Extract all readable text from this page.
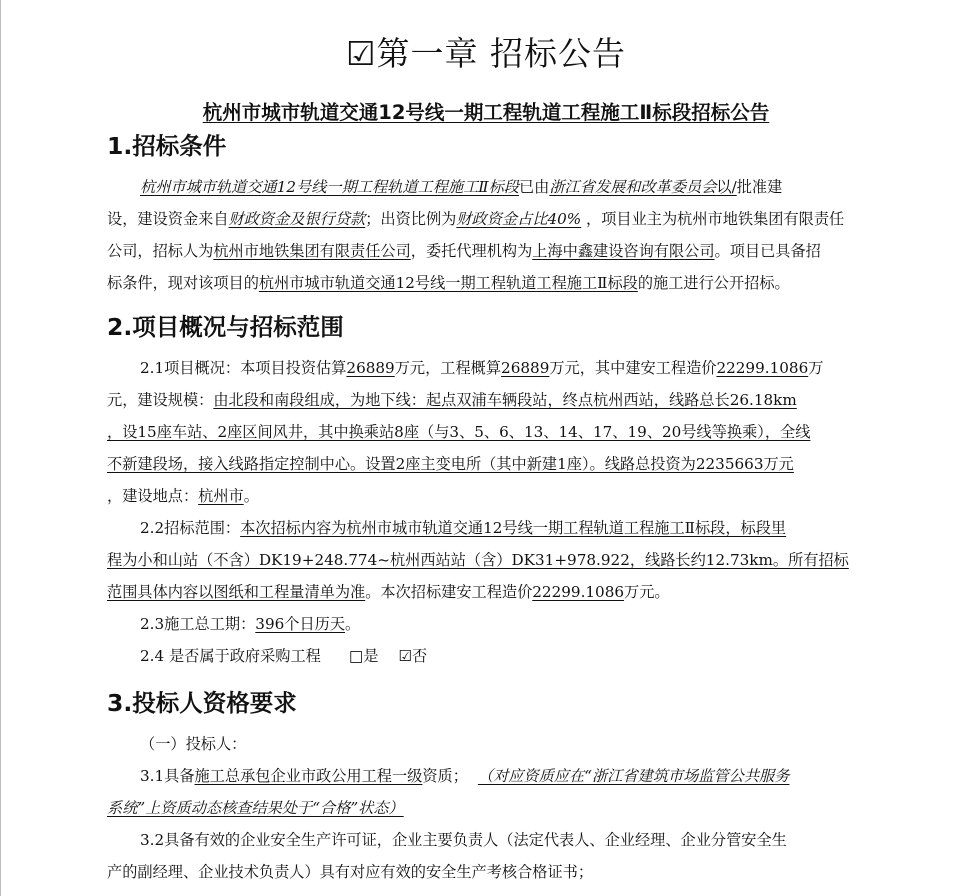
☑第一章 招标公告
杭州市城市轨道交通12号线一期工程轨道工程施工Ⅱ标段招标公告
1.招标条件
杭州市城市轨道交通12号线一期工程轨道工程施工Ⅱ标段已由浙江省发展和改革委员会以/批准建
设，建设资金来自财政资金及银行贷款；出资比例为财政资金占比40% ，项目业主为杭州市地铁集团有限责任
公司，招标人为杭州市地铁集团有限责任公司，委托代理机构为上海中鑫建设咨询有限公司。项目已具备招
标条件，现对该项目的杭州市城市轨道交通12号线一期工程轨道工程施工Ⅱ标段的施工进行公开招标。
2.项目概况与招标范围
2.1项目概况：本项目投资估算26889万元，工程概算26889万元，其中建安工程造价22299.1086万
元，建设规模：由北段和南段组成，为地下线：起点双浦车辆段站，终点杭州西站，线路总长26.18km
，设15座车站、2座区间风井，其中换乘站8座（与3、5、6、13、14、17、19、20号线等换乘），全线
不新建段场，接入线路指定控制中心。设置2座主变电所（其中新建1座）。线路总投资为2235663万元
，建设地点：杭州市。
2.2招标范围：本次招标内容为杭州市城市轨道交通12号线一期工程轨道工程施工Ⅱ标段，标段里
程为小和山站（不含）DK19+248.774~杭州西站站（含）DK31+978.922，线路长约12.73km。所有招标
范围具体内容以图纸和工程量清单为准。本次招标建安工程造价22299.1086万元。
2.3施工总工期：396个日历天。
2.4 是否属于政府采购工程 □是 ☑否
3.投标人资格要求
（一）投标人：
3.1具备施工总承包企业市政公用工程一级资质； （对应资质应在“浙江省建筑市场监管公共服务
系统”上资质动态核查结果处于“合格”状态）
3.2具备有效的企业安全生产许可证，企业主要负责人（法定代表人、企业经理、企业分管安全生
产的副经理、企业技术负责人）具有对应有效的安全生产考核合格证书；
